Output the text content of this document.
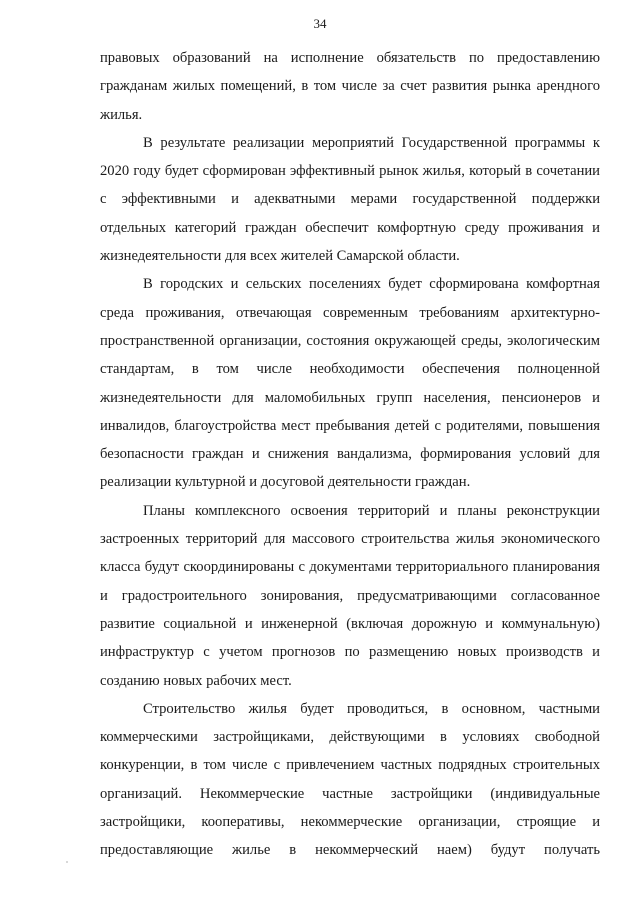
34

правовых образований на исполнение обязательств по предоставлению гражданам жилых помещений, в том числе за счет развития рынка арендного жилья.

В результате реализации мероприятий Государственной программы к 2020 году будет сформирован эффективный рынок жилья, который в сочетании с эффективными и адекватными мерами государственной поддержки отдельных категорий граждан обеспечит комфортную среду проживания и жизнедеятельности для всех жителей Самарской области.

В городских и сельских поселениях будет сформирована комфортная среда проживания, отвечающая современным требованиям архитектурно-пространственной организации, состояния окружающей среды, экологическим стандартам, в том числе необходимости обеспечения полноценной жизнедеятельности для маломобильных групп населения, пенсионеров и инвалидов, благоустройства мест пребывания детей с родителями, повышения безопасности граждан и снижения вандализма, формирования условий для реализации культурной и досуговой деятельности граждан.

Планы комплексного освоения территорий и планы реконструкции застроенных территорий для массового строительства жилья экономического класса будут скоординированы с документами территориального планирования и градостроительного зонирования, предусматривающими согласованное развитие социальной и инженерной (включая дорожную и коммунальную) инфраструктур с учетом прогнозов по размещению новых производств и созданию новых рабочих мест.

Строительство жилья будет проводиться, в основном, частными коммерческими застройщиками, действующими в условиях свободной конкуренции, в том числе с привлечением частных подрядных строительных организаций. Некоммерческие частные застройщики (индивидуальные застройщики, кооперативы, некоммерческие организации, строящие и предоставляющие жилье в некоммерческий наем) будут получать
